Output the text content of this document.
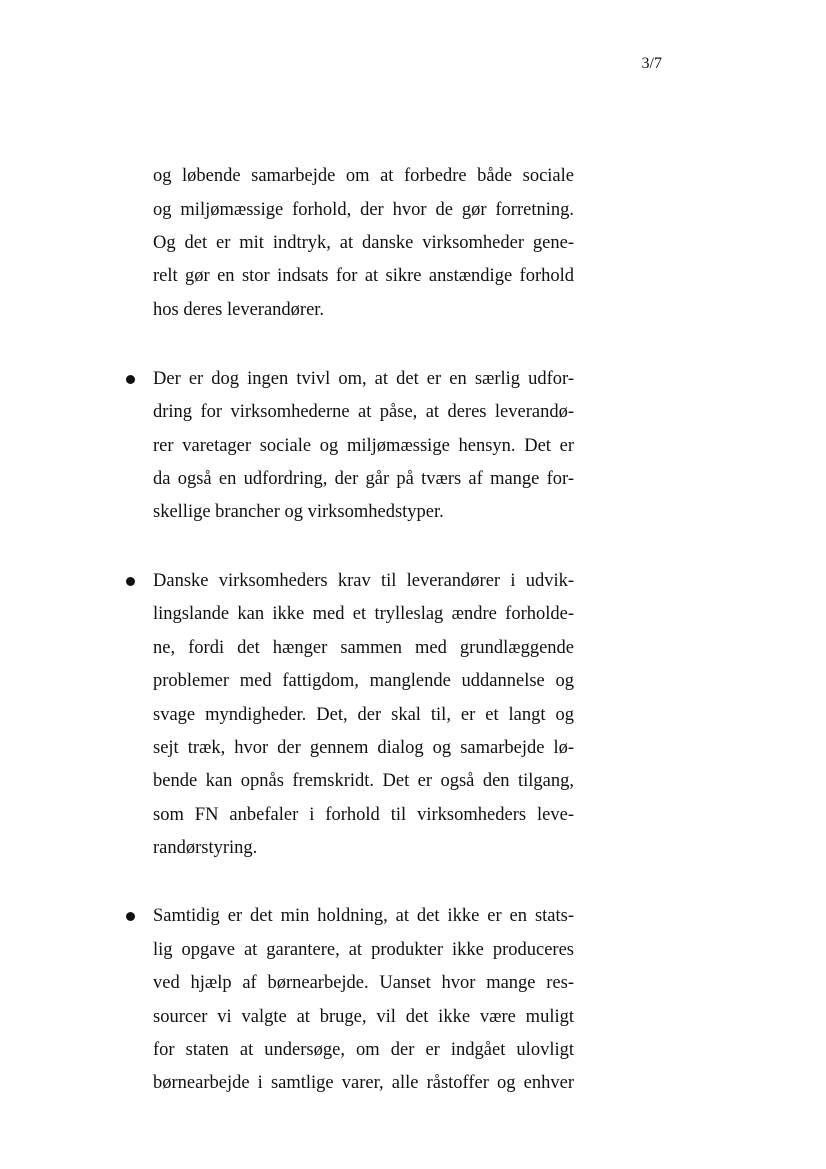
3/7
og løbende samarbejde om at forbedre både sociale
og miljømæssige forhold, der hvor de gør forretning.
Og det er mit indtryk, at danske virksomheder gene-
relt gør en stor indsats for at sikre anstændige forhold
hos deres leverandører.
Der er dog ingen tvivl om, at det er en særlig udfor-
dring for virksomhederne at påse, at deres leverandø-
rer varetager sociale og miljømæssige hensyn. Det er
da også en udfordring, der går på tværs af mange for-
skellige brancher og virksomhedstyper.
Danske virksomheders krav til leverandører i udvik-
lingslande kan ikke med et trylleslag ændre forholde-
ne, fordi det hænger sammen med grundlæggende
problemer med fattigdom, manglende uddannelse og
svage myndigheder. Det, der skal til, er et langt og
sejt træk, hvor der gennem dialog og samarbejde lø-
bende kan opnås fremskridt. Det er også den tilgang,
som FN anbefaler i forhold til virksomheders leve-
randørstyring.
Samtidig er det min holdning, at det ikke er en stats-
lig opgave at garantere, at produkter ikke produceres
ved hjælp af børnearbejde. Uanset hvor mange res-
sourcer vi valgte at bruge, vil det ikke være muligt
for staten at undersøge, om der er indgået ulovligt
børnearbejde i samtlige varer, alle råstoffer og enhver
